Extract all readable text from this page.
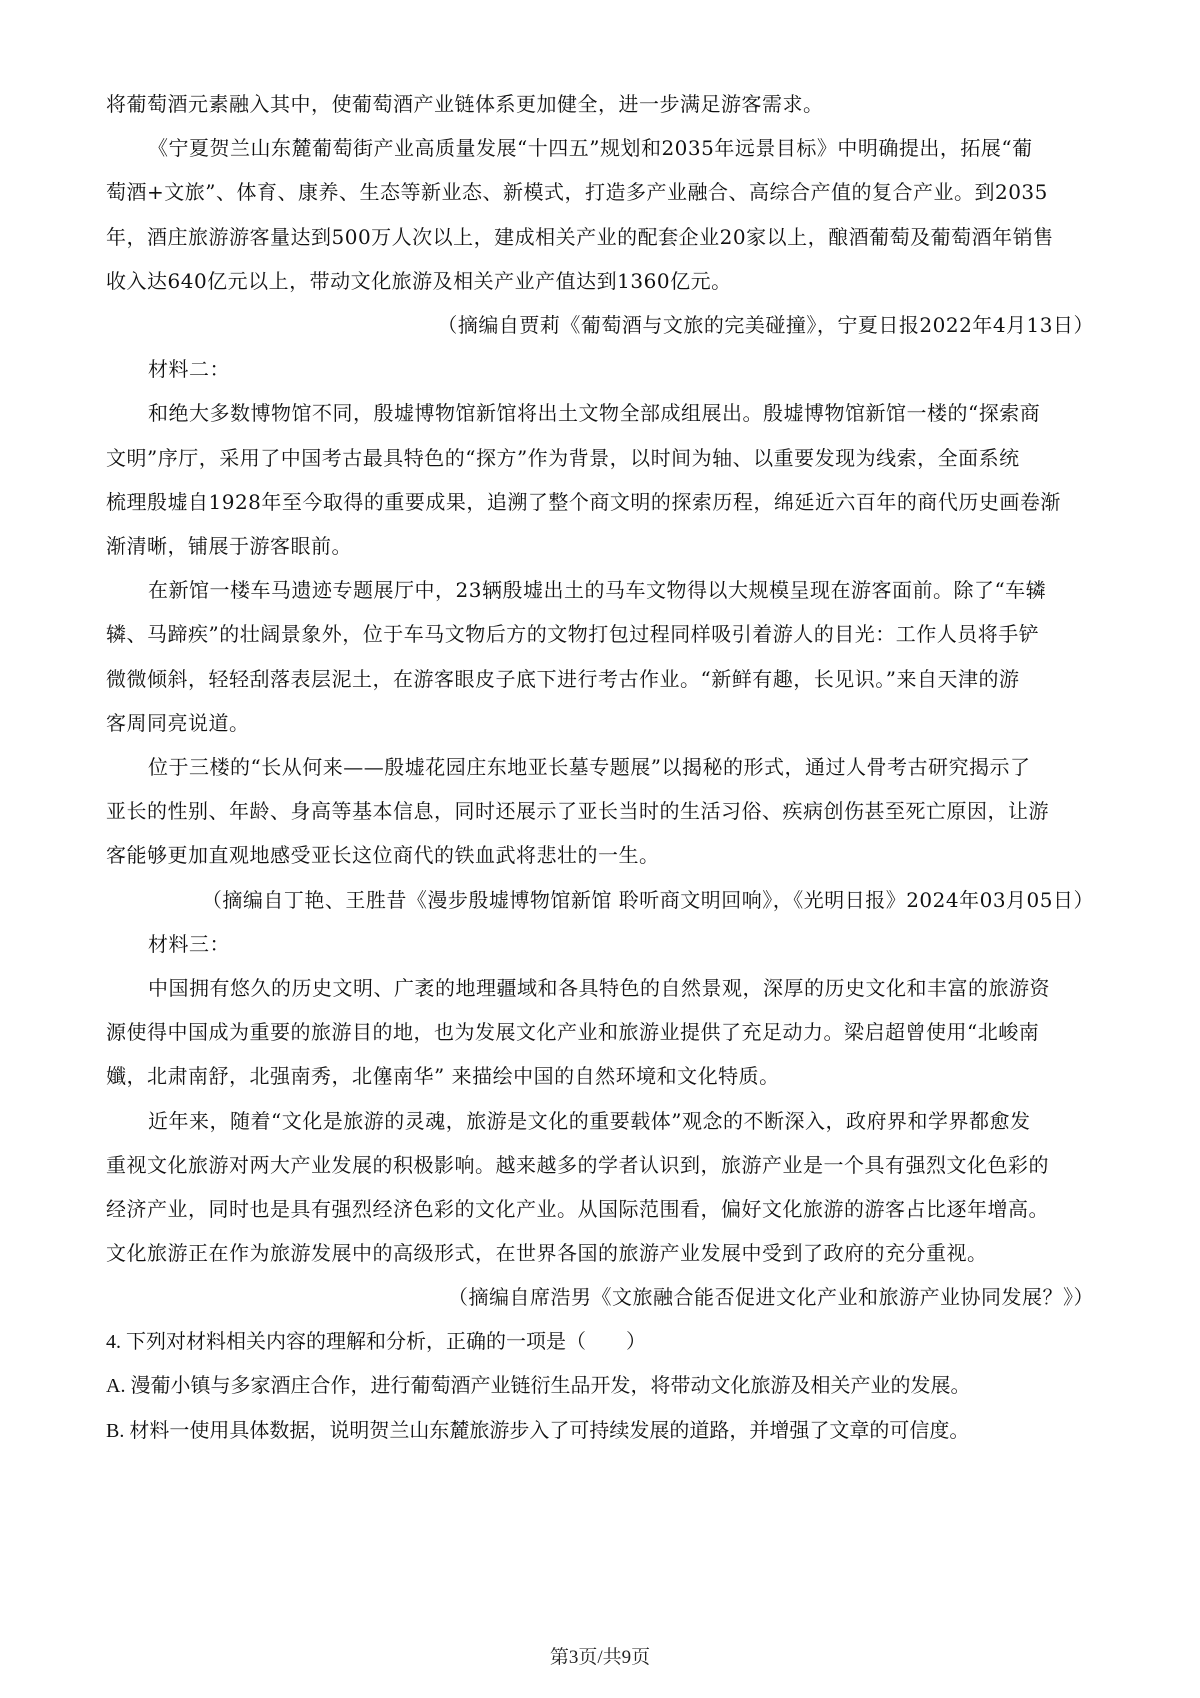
将葡萄酒元素融入其中，使葡萄酒产业链体系更加健全，进一步满足游客需求。
《宁夏贺兰山东麓葡萄街产业高质量发展“十四五”规划和2035年远景目标》中明确提出，拓展“葡
萄酒+文旅”、体育、康养、生态等新业态、新模式，打造多产业融合、高综合产值的复合产业。到2035
年，酒庄旅游游客量达到500万人次以上，建成相关产业的配套企业20家以上，酿酒葡萄及葡萄酒年销售
收入达640亿元以上，带动文化旅游及相关产业产值达到1360亿元。
（摘编自贾莉《葡萄酒与文旅的完美碰撞》，宁夏日报2022年4月13日）
材料二：
和绝大多数博物馆不同，殷墟博物馆新馆将出土文物全部成组展出。殷墟博物馆新馆一楼的“探索商
文明”序厅，采用了中国考古最具特色的“探方”作为背景，以时间为轴、以重要发现为线索，全面系统
梳理殷墟自1928年至今取得的重要成果，追溯了整个商文明的探索历程，绵延近六百年的商代历史画卷渐
渐清晰，铺展于游客眼前。
在新馆一楼车马遗迹专题展厅中，23辆殷墟出土的马车文物得以大规模呈现在游客面前。除了“车辚
辚、马蹄疾”的壮阔景象外，位于车马文物后方的文物打包过程同样吸引着游人的目光：工作人员将手铲
微微倾斜，轻轻刮落表层泥土，在游客眼皮子底下进行考古作业。“新鲜有趣，长见识。”来自天津的游
客周同亮说道。
位于三楼的“长从何来——殷墟花园庄东地亚长墓专题展”以揭秘的形式，通过人骨考古研究揭示了
亚长的性别、年龄、身高等基本信息，同时还展示了亚长当时的生活习俗、疾病创伤甚至死亡原因，让游
客能够更加直观地感受亚长这位商代的铁血武将悲壮的一生。
（摘编自丁艳、王胜昔《漫步殷墟博物馆新馆 聆听商文明回响》，《光明日报》2024年03月05日）
材料三：
中国拥有悠久的历史文明、广袤的地理疆域和各具特色的自然景观，深厚的历史文化和丰富的旅游资
源使得中国成为重要的旅游目的地，也为发展文化产业和旅游业提供了充足动力。梁启超曾使用“北峻南
孅，北肃南舒，北强南秀，北僿南华” 来描绘中国的自然环境和文化特质。
近年来，随着“文化是旅游的灵魂，旅游是文化的重要载体”观念的不断深入，政府界和学界都愈发
重视文化旅游对两大产业发展的积极影响。越来越多的学者认识到，旅游产业是一个具有强烈文化色彩的
经济产业，同时也是具有强烈经济色彩的文化产业。从国际范围看，偏好文化旅游的游客占比逐年增高。
文化旅游正在作为旅游发展中的高级形式，在世界各国的旅游产业发展中受到了政府的充分重视。
（摘编自席浩男《文旅融合能否促进文化产业和旅游产业协同发展？》）
4. 下列对材料相关内容的理解和分析，正确的一项是（　　）
A. 漫葡小镇与多家酒庄合作，进行葡萄酒产业链衍生品开发，将带动文化旅游及相关产业的发展。
B. 材料一使用具体数据，说明贺兰山东麓旅游步入了可持续发展的道路，并增强了文章的可信度。
第3页/共9页
